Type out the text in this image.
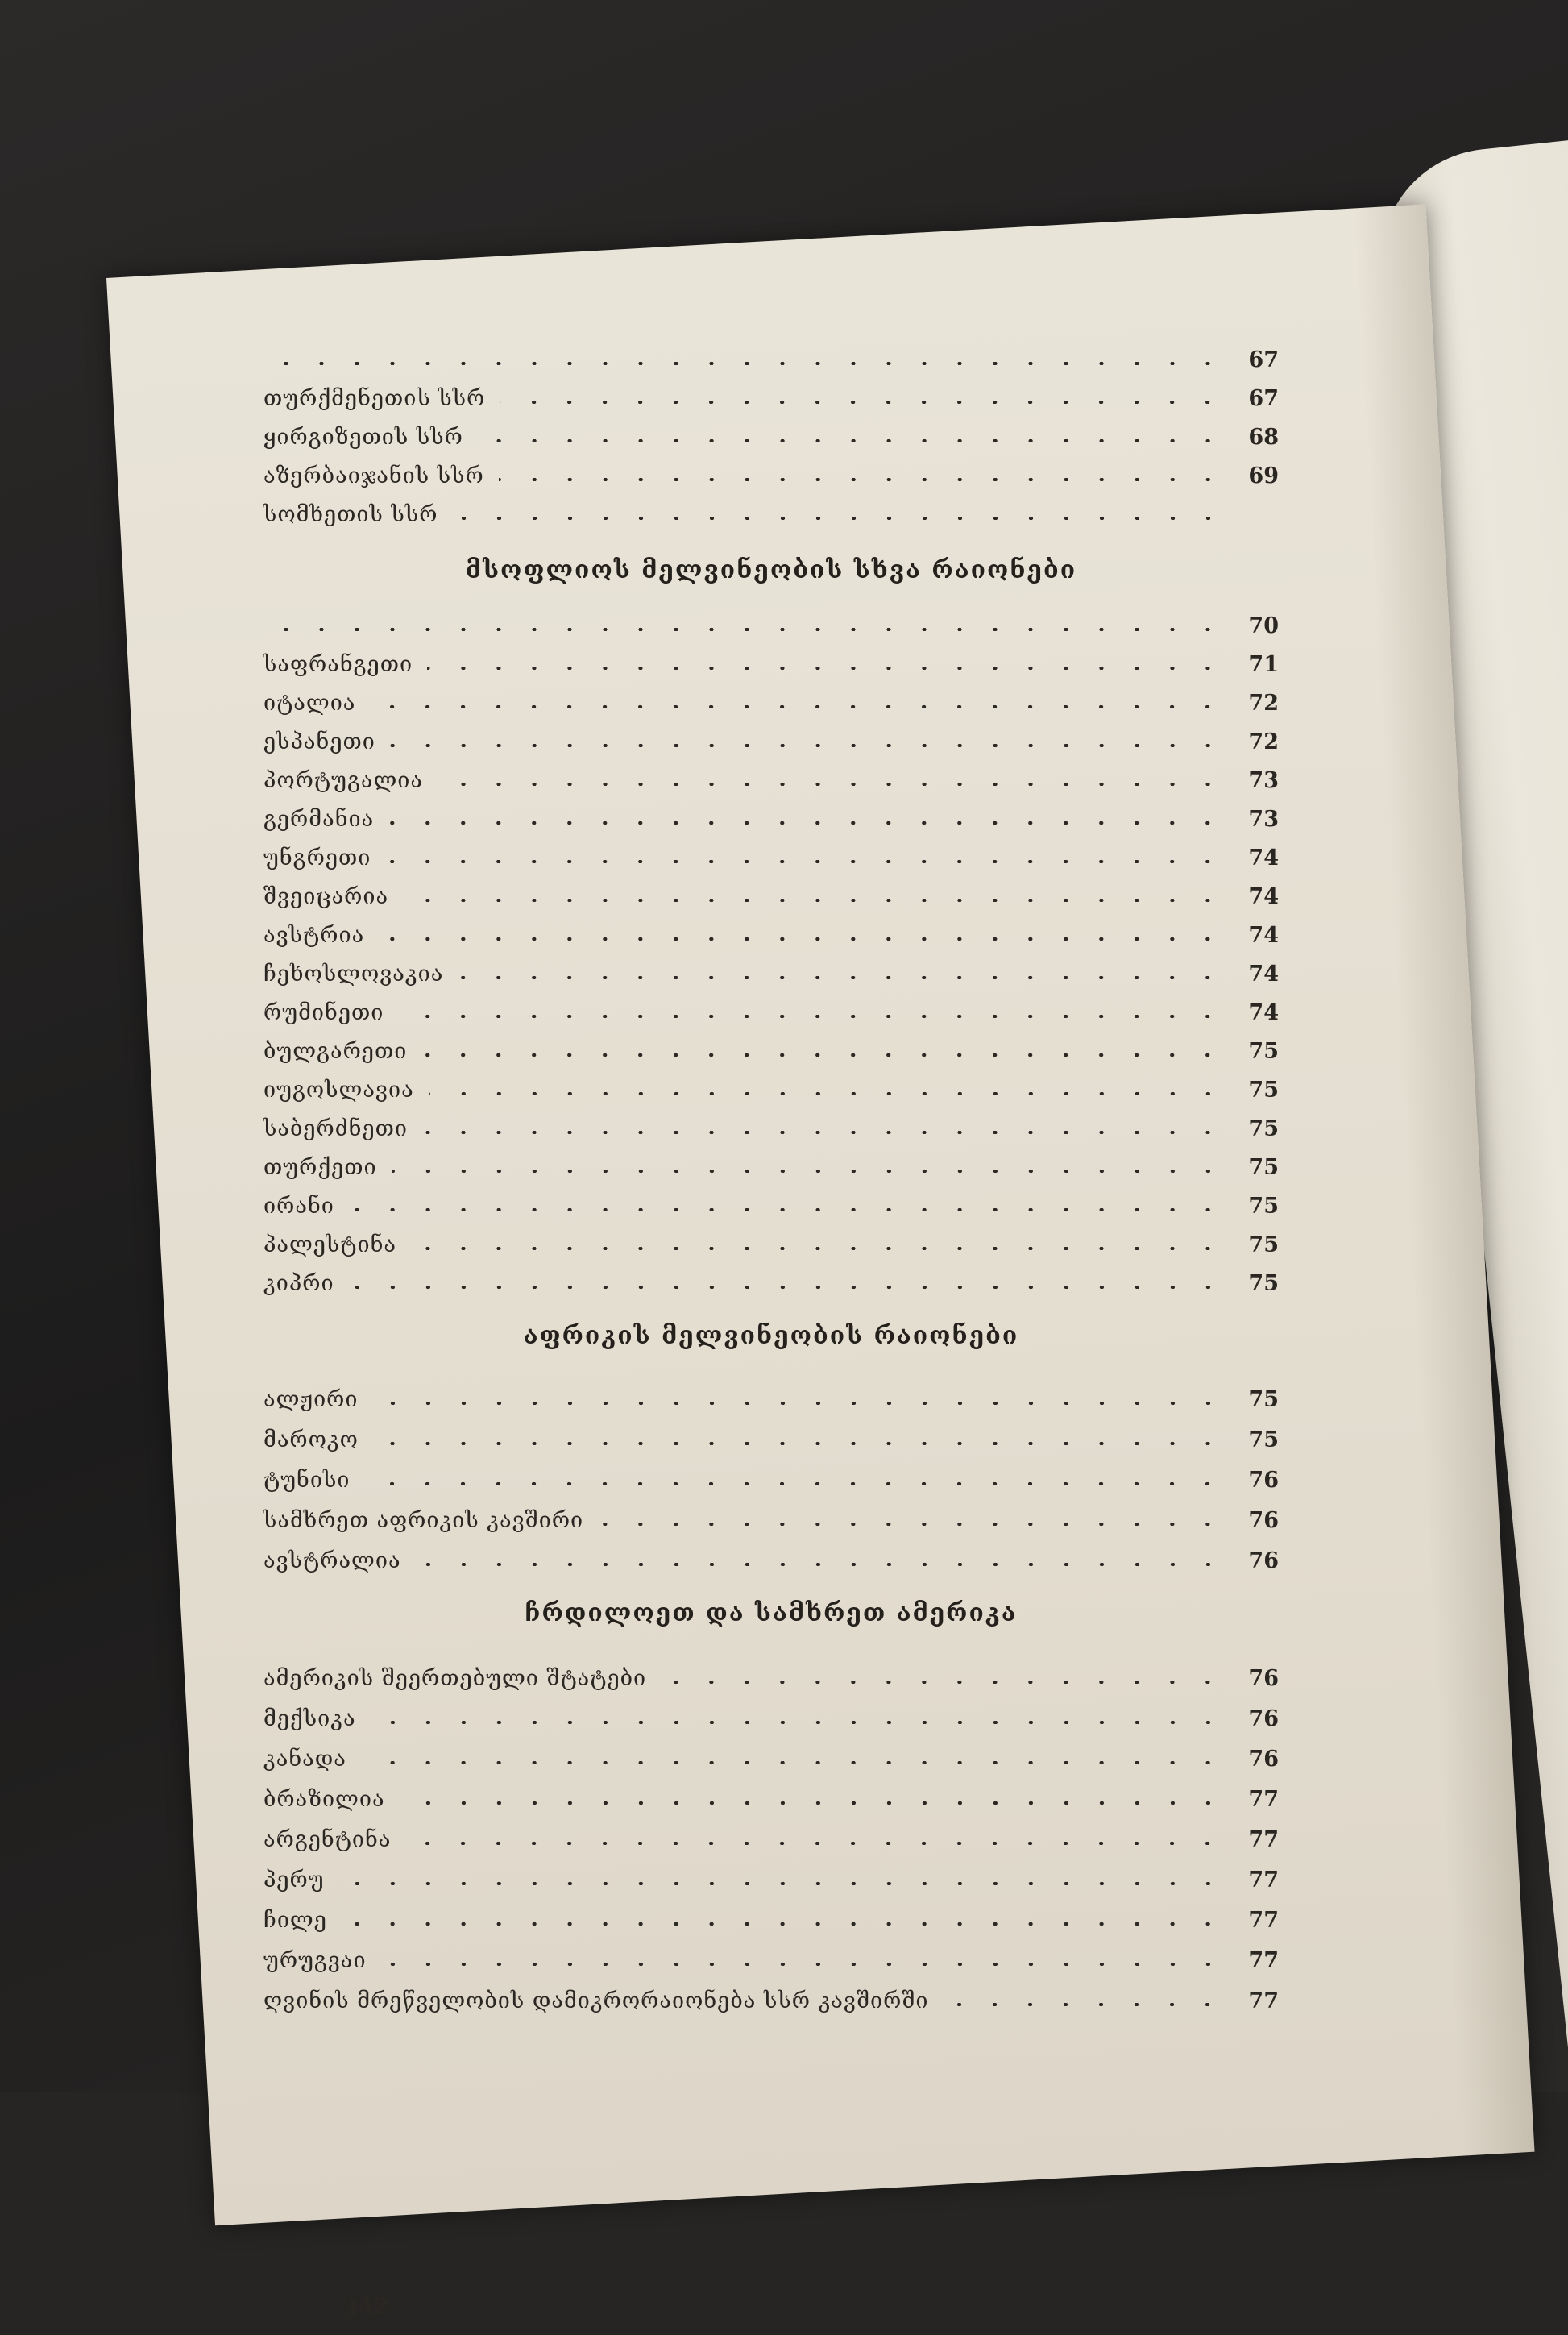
67
თურქმენეთის სსრ	67
ყირგიზეთის სსრ	68
აზერბაიჯანის სსრ	69
სომხეთის სსრ
მსოფლიოს მელვინეობის სხვა რაიონები
70
საფრანგეთი	71
იტალია	72
ესპანეთი	72
პორტუგალია	73
გერმანია	73
უნგრეთი	74
შვეიცარია	74
ავსტრია	74
ჩეხოსლოვაკია	74
რუმინეთი	74
ბულგარეთი	75
იუგოსლავია	75
საბერძნეთი	75
თურქეთი	75
ირანი	75
პალესტინა	75
კიპრი	75
აფრიკის მელვინეობის რაიონები
ალჟირი	75
მაროკო	75
ტუნისი	76
სამხრეთ აფრიკის კავშირი	76
ავსტრალია	76
ჩრდილოეთ და სამხრეთ ამერიკა
ამერიკის შეერთებული შტატები	76
მექსიკა	76
კანადა	76
ბრაზილია	77
არგენტინა	77
პერუ	77
ჩილე	77
ურუგვაი	77
ღვინის მრეწველობის დამიკრორაიონება სსრ კავშირში	77
342
